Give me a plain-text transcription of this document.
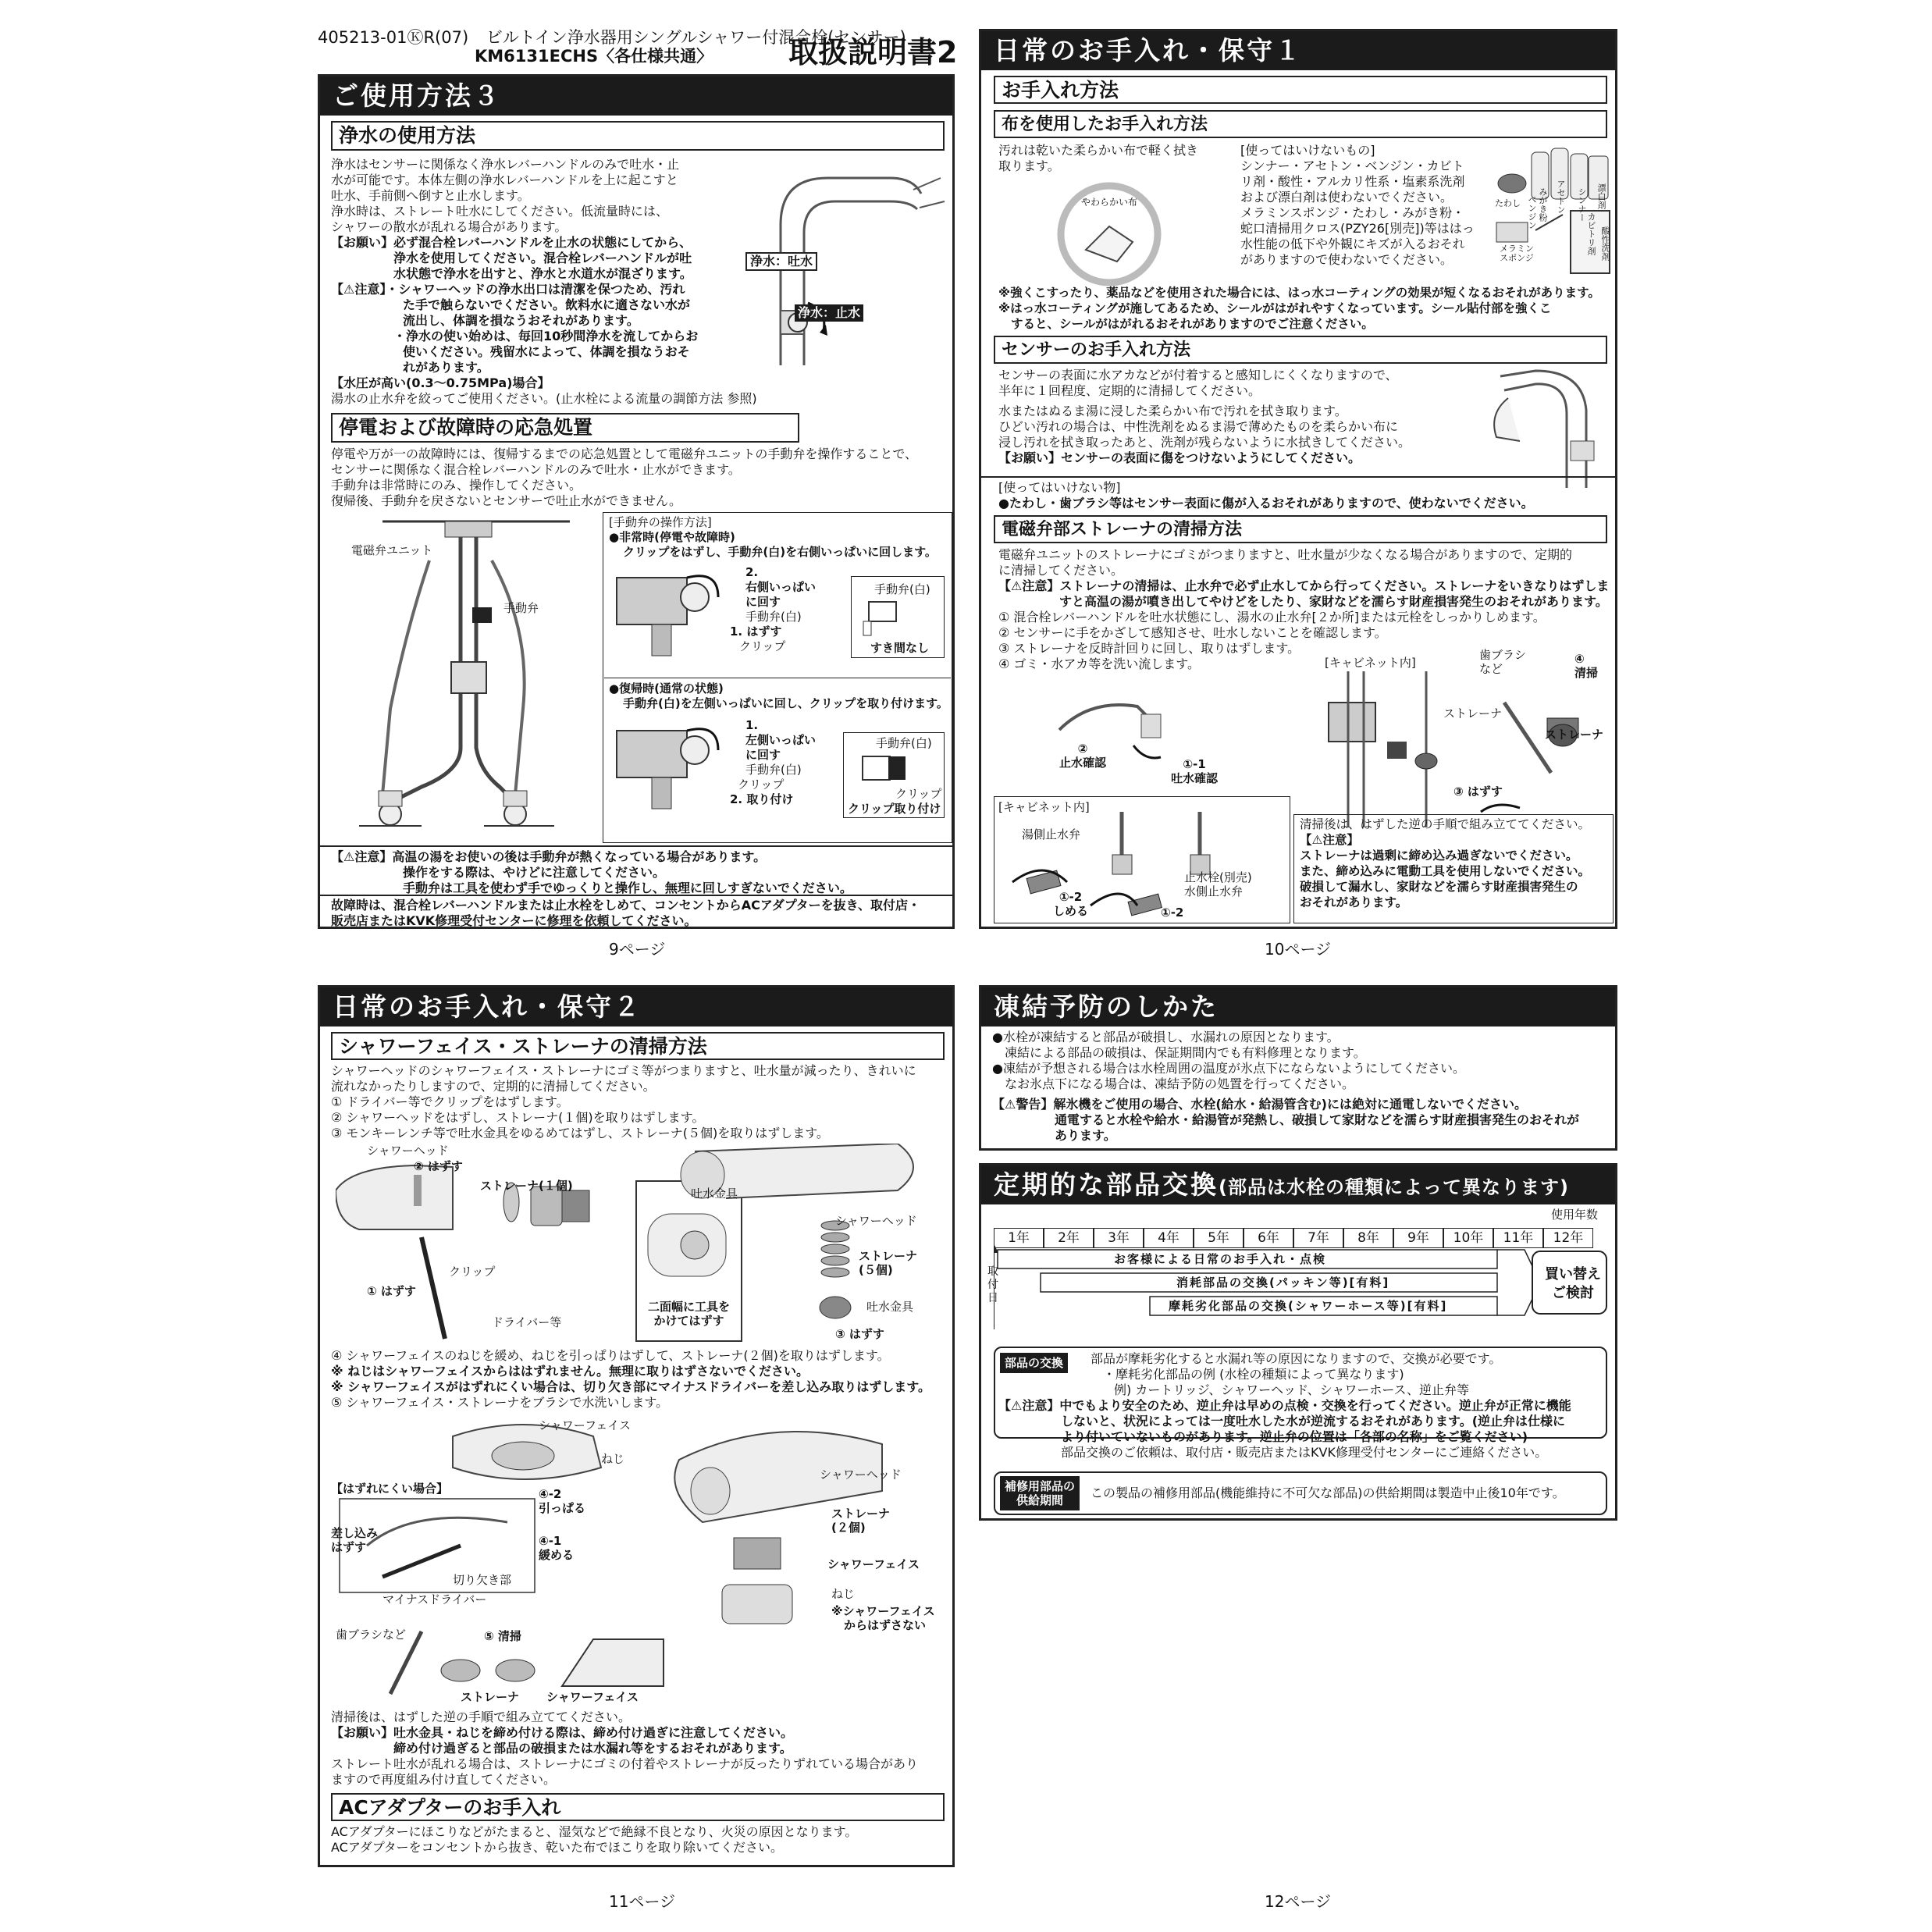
405213-01ⓀR(07) ビルトイン浄水器用シングルシャワー付混合栓(センサー)
KM6131ECHS〈各仕様共通〉	取扱説明書2
ご使用方法３
浄水の使用方法

浄水はセンサーに関係なく浄水レバーハンドルのみで吐水・止

水が可能です。本体左側の浄水レバーハンドルを上に起こすと

吐水、手前側へ倒すと止水します。

浄水時は、ストレート吐水にしてください。低流量時には、

シャワーの散水が乱れる場合があります。

【お願い】必ず混合栓レバーハンドルを止水の状態にしてから、

浄水を使用してください。混合栓レバーハンドルが吐

水状態で浄水を出すと、浄水と水道水が混ざります。

【⚠注意】・シャワーヘッドの浄水出口は清潔を保つため、汚れ

た手で触らないでください。飲料水に適さない水が

流出し、体調を損なうおそれがあります。

・浄水の使い始めは、毎回10秒間浄水を流してからお

使いください。残留水によって、体調を損なうおそ

れがあります。

【水圧が高い(0.3～0.75MPa)場合】

湯水の止水弁を絞ってご使用ください。(止水栓による流量の調節方法 参照)

浄水：吐水
浄水：止水
停電および故障時の応急処置

停電や万が一の故障時には、復帰するまでの応急処置として電磁弁ユニットの手動弁を操作することで、

センサーに関係なく混合栓レバーハンドルのみで吐水・止水ができます。

手動弁は非常時にのみ、操作してください。

復帰後、手動弁を戻さないとセンサーで吐止水ができません。

電磁弁ユニット
手動弁
[手動弁の操作方法]
●非常時(停電や故障時)
クリップをはずし、手動弁(白)を右側いっぱいに回します。
2.
右側いっぱい
に回す
手動弁(白)
1. はずす
クリップ
手動弁(白)
すき間なし
●復帰時(通常の状態)
手動弁(白)を左側いっぱいに回し、クリップを取り付けます。
1.
左側いっぱい
に回す
手動弁(白)
クリップ
2. 取り付け
手動弁(白)
クリップ
クリップ取り付け

【⚠注意】高温の湯をお使いの後は手動弁が熱くなっている場合があります。

操作をする際は、やけどに注意してください。

手動弁は工具を使わず手でゆっくりと操作し、無理に回しすぎないでください。

故障時は、混合栓レバーハンドルまたは止水栓をしめて、コンセントからACアダプターを抜き、取付店・

販売店またはKVK修理受付センターに修理を依頼してください。

9ページ
日常のお手入れ・保守１
お手入れ方法
布を使用したお手入れ方法

汚れは乾いた柔らかい布で軽く拭き

取ります。

やわらかい布

[使ってはいけないもの]

シンナー・アセトン・ベンジン・カビト

リ剤・酸性・アルカリ性系・塩素系洗剤

および漂白剤は使わないでください。

メラミンスポンジ・たわし・みがき粉・

蛇口清掃用クロス(PZY26[別売])等ははっ

水性能の低下や外観にキズが入るおそれ

がありますので使わないでください。

みがき粉 アセトン
ベンジン	シンナー 漂白剤
たわし
メラミン
スポンジ
カビトリ剤 酸性洗剤

※強くこすったり、薬品などを使用された場合には、はっ水コーティングの効果が短くなるおそれがあります。

※はっ水コーティングが施してあるため、シールがはがれやすくなっています。シール貼付部を強くこ

すると、シールがはがれるおそれがありますのでご注意ください。

センサーのお手入れ方法

センサーの表面に水アカなどが付着すると感知しにくくなりますので、

半年に１回程度、定期的に清掃してください。

水またはぬるま湯に浸した柔らかい布で汚れを拭き取ります。

ひどい汚れの場合は、中性洗剤をぬるま湯で薄めたものを柔らかい布に

浸し汚れを拭き取ったあと、洗剤が残らないように水拭きしてください。

【お願い】センサーの表面に傷をつけないようにしてください。

[使ってはいけない物]

●たわし・歯ブラシ等はセンサー表面に傷が入るおそれがありますので、使わないでください。

電磁弁部ストレーナの清掃方法

電磁弁ユニットのストレーナにゴミがつまりますと、吐水量が少なくなる場合がありますので、定期的

に清掃してください。

【⚠注意】ストレーナの清掃は、止水弁で必ず止水してから行ってください。ストレーナをいきなりはずしま

すと高温の湯が噴き出してやけどをしたり、家財などを濡らす財産損害発生のおそれがあります。

① 混合栓レバーハンドルを吐水状態にし、湯水の止水弁[２か所]または元栓をしっかりしめます。

② センサーに手をかざして感知させ、吐水しないことを確認します。

③ ストレーナを反時計回りに回し、取りはずします。

④ ゴミ・水アカ等を洗い流します。	[キャビネット内]
歯ブラシ
など
④
清掃
ストレーナ
ストレーナ
③ はずす
②
止水確認	①-1
吐水確認
[キャビネット内]
湯側止水弁
①-2
しめる	①-2
止水栓(別売)
水側止水弁

清掃後は、はずした逆の手順で組み立ててください。

【⚠注意】

ストレーナは過剰に締め込み過ぎないでください。

また、締め込みに電動工具を使用しないでください。

破損して漏水し、家財などを濡らす財産損害発生の

おそれがあります。

10ページ
日常のお手入れ・保守２
シャワーフェイス・ストレーナの清掃方法

シャワーヘッドのシャワーフェイス・ストレーナにゴミ等がつまりますと、吐水量が減ったり、きれいに

流れなかったりしますので、定期的に清掃してください。

① ドライバー等でクリップをはずします。

② シャワーヘッドをはずし、ストレーナ(１個)を取りはずします。

③ モンキーレンチ等で吐水金具をゆるめてはずし、ストレーナ(５個)を取りはずします。

シャワーヘッド
② はずす
ストレーナ(１個)
クリップ
① はずす
ドライバー等
吐水金具
二面幅に工具を
かけてはずす
シャワーヘッド
ストレーナ
(５個)
吐水金具
③ はずす

④ シャワーフェイスのねじを緩め、ねじを引っぱりはずして、ストレーナ(２個)を取りはずします。

※ ねじはシャワーフェイスからははずれません。無理に取りはずさないでください。

※ シャワーフェイスがはずれにくい場合は、切り欠き部にマイナスドライバーを差し込み取りはずします。

⑤ シャワーフェイス・ストレーナをブラシで水洗いします。

シャワーフェイス
ねじ
【はずれにくい場合】	④-2
引っぱる
④-1
緩める
差し込み
はずす
切り欠き部
マイナスドライバー
シャワーヘッド
ストレーナ
(２個)
シャワーフェイス
ねじ
※シャワーフェイス
からはずさない
歯ブラシなど	⑤ 清掃
ストレーナ シャワーフェイス

清掃後は、はずした逆の手順で組み立ててください。

【お願い】吐水金具・ねじを締め付ける際は、締め付け過ぎに注意してください。

締め付け過ぎると部品の破損または水漏れ等をするおそれがあります。

ストレート吐水が乱れる場合は、ストレーナにゴミの付着やストレーナが反ったりずれている場合があり

ますので再度組み付け直してください。

ACアダプターのお手入れ

ACアダプターにほこりなどがたまると、湿気などで絶縁不良となり、火災の原因となります。

ACアダプターをコンセントから抜き、乾いた布でほこりを取り除いてください。

11ページ
凍結予防のしかた

●水栓が凍結すると部品が破損し、水漏れの原因となります。

凍結による部品の破損は、保証期間内でも有料修理となります。

●凍結が予想される場合は水栓周囲の温度が氷点下にならないようにしてください。

なお氷点下になる場合は、凍結予防の処置を行ってください。

【⚠警告】解氷機をご使用の場合、水栓(給水・給湯管含む)には絶対に通電しないでください。

通電すると水栓や給水・給湯管が発熱し、破損して家財などを濡らす財産損害発生のおそれが

あります。

定期的な部品交換(部品は水栓の種類によって異なります)
使用年数
1年	2年	3年	4年	5年	6年	7年	8年	9年	10年	11年	12年
取
付
日
お客様による日常のお手入れ・点検
消耗部品の交換(パッキン等)[有料]
摩耗劣化部品の交換(シャワーホース等)[有料]
買い替え
ご検討
部品の交換	部品が摩耗劣化すると水漏れ等の原因になりますので、交換が必要です。

・摩耗劣化部品の例 (水栓の種類によって異なります)

例) カートリッジ、シャワーヘッド、シャワーホース、逆止弁等

【⚠注意】中でもより安全のため、逆止弁は早めの点検・交換を行ってください。逆止弁が正常に機能

しないと、状況によっては一度吐水した水が逆流するおそれがあります。(逆止弁は仕様に

より付いていないものがあります。逆止弁の位置は「各部の名称」をご覧ください)

部品交換のご依頼は、取付店・販売店またはKVK修理受付センターにご連絡ください。

補修用部品の
供給期間	この製品の補修用部品(機能維持に不可欠な部品)の供給期間は製造中止後10年です。
12ページ
